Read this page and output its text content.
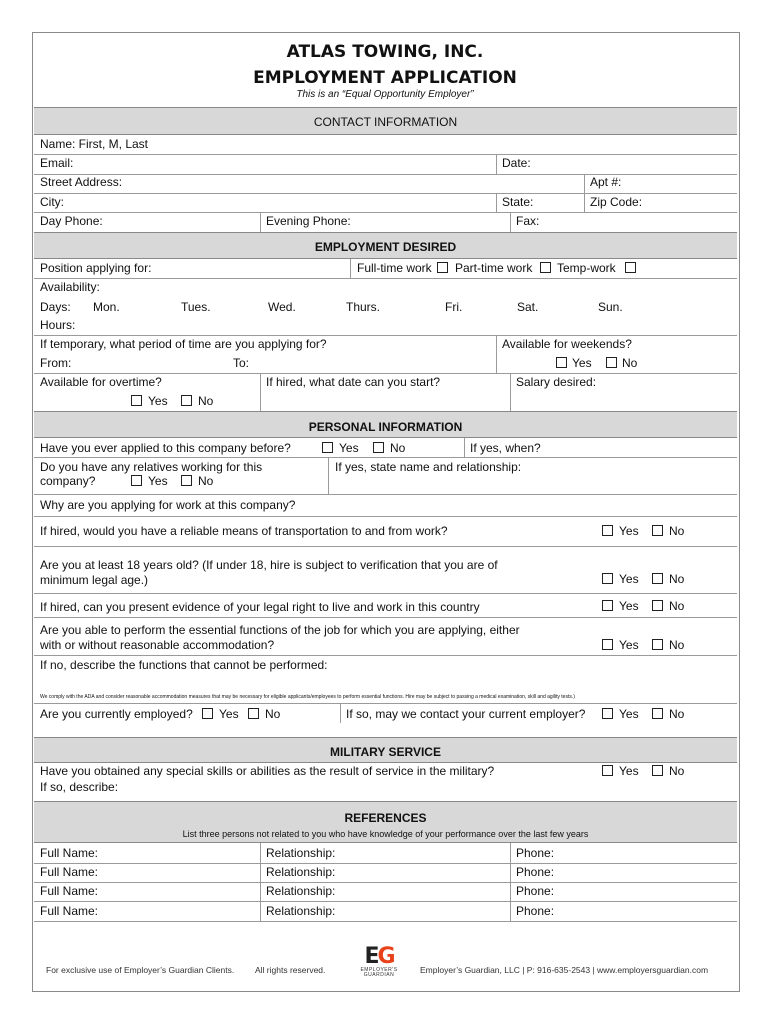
ATLAS TOWING, INC.
EMPLOYMENT APPLICATION
This is an “Equal Opportunity Employer”
CONTACT INFORMATION
Name: First, M, Last
Email:	Date:
Street Address:	Apt #:
City:	State:	Zip Code:
Day Phone:	Evening Phone:	Fax:
EMPLOYMENT DESIRED
Position applying for:	Full-time work Part-time work Temp-work
Availability:
Days: Mon.	Tues.	Wed.	Thurs.	Fri.	Sat.	Sun.
Hours:
If temporary, what period of time are you applying for?	Available for weekends?
From:	To:	Yes	No
Available for overtime?	If hired, what date can you start?	Salary desired:
Yes	No
PERSONAL INFORMATION
Have you ever applied to this company before?	Yes	No	If yes, when?
Do you have any relatives working for this
company?	Yes	No
If yes, state name and relationship:
Why are you applying for work at this company?
If hired, would you have a reliable means of transportation to and from work?	Yes	No
Are you at least 18 years old? (If under 18, hire is subject to verification that you are of
minimum legal age.)	Yes	No
If hired, can you present evidence of your legal right to live and work in this country	Yes	No
Are you able to perform the essential functions of the job for which you are applying, either
with or without reasonable accommodation?	Yes	No
If no, describe the functions that cannot be performed:
We comply with the ADA and consider reasonable accommodation measures that may be necessary for eligible applicants/employees to perform essential functions. Hire may be subject to passing a medical examination, skill and agility tests.)
Are you currently employed? Yes No	If so, may we contact your current employer?	Yes	No
MILITARY SERVICE
Have you obtained any special skills or abilities as the result of service in the military?	Yes	No
If so, describe:
REFERENCES
List three persons not related to you who have knowledge of your performance over the last few years
Full Name:	Relationship:	Phone:
Full Name:	Relationship:	Phone:
Full Name:	Relationship:	Phone:
Full Name:	Relationship:	Phone:
For exclusive use of Employer’s Guardian Clients. All rights reserved.
EG
EMPLOYER'S
GUARDIAN	Employer’s Guardian, LLC | P: 916-635-2543 | www.employersguardian.com
